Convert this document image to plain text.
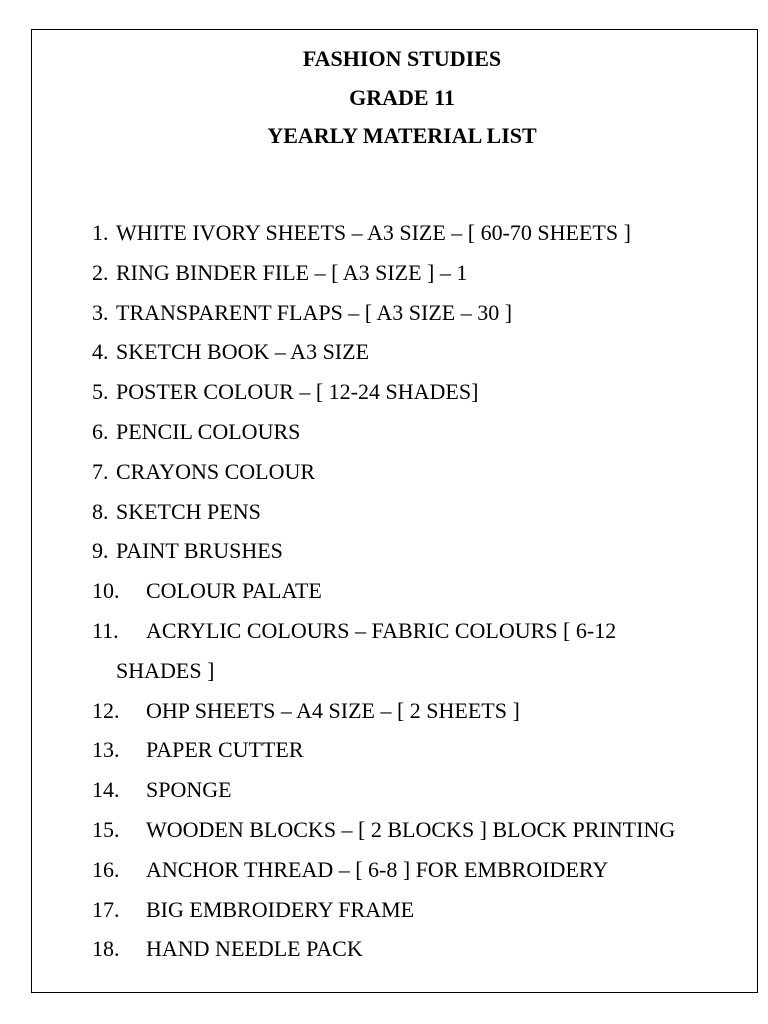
FASHION STUDIES
GRADE 11
YEARLY MATERIAL LIST
1. WHITE IVORY SHEETS – A3 SIZE – [ 60-70 SHEETS ]
2. RING BINDER FILE – [ A3 SIZE ] – 1
3. TRANSPARENT FLAPS – [ A3 SIZE – 30 ]
4. SKETCH BOOK – A3 SIZE
5. POSTER COLOUR – [ 12-24 SHADES]
6. PENCIL COLOURS
7. CRAYONS COLOUR
8. SKETCH PENS
9. PAINT BRUSHES
10. COLOUR PALATE
11. ACRYLIC COLOURS – FABRIC COLOURS [ 6-12
SHADES ]
12. OHP SHEETS – A4 SIZE – [ 2 SHEETS ]
13. PAPER CUTTER
14. SPONGE
15. WOODEN BLOCKS – [ 2 BLOCKS ] BLOCK PRINTING
16. ANCHOR THREAD – [ 6-8 ] FOR EMBROIDERY
17. BIG EMBROIDERY FRAME
18. HAND NEEDLE PACK
